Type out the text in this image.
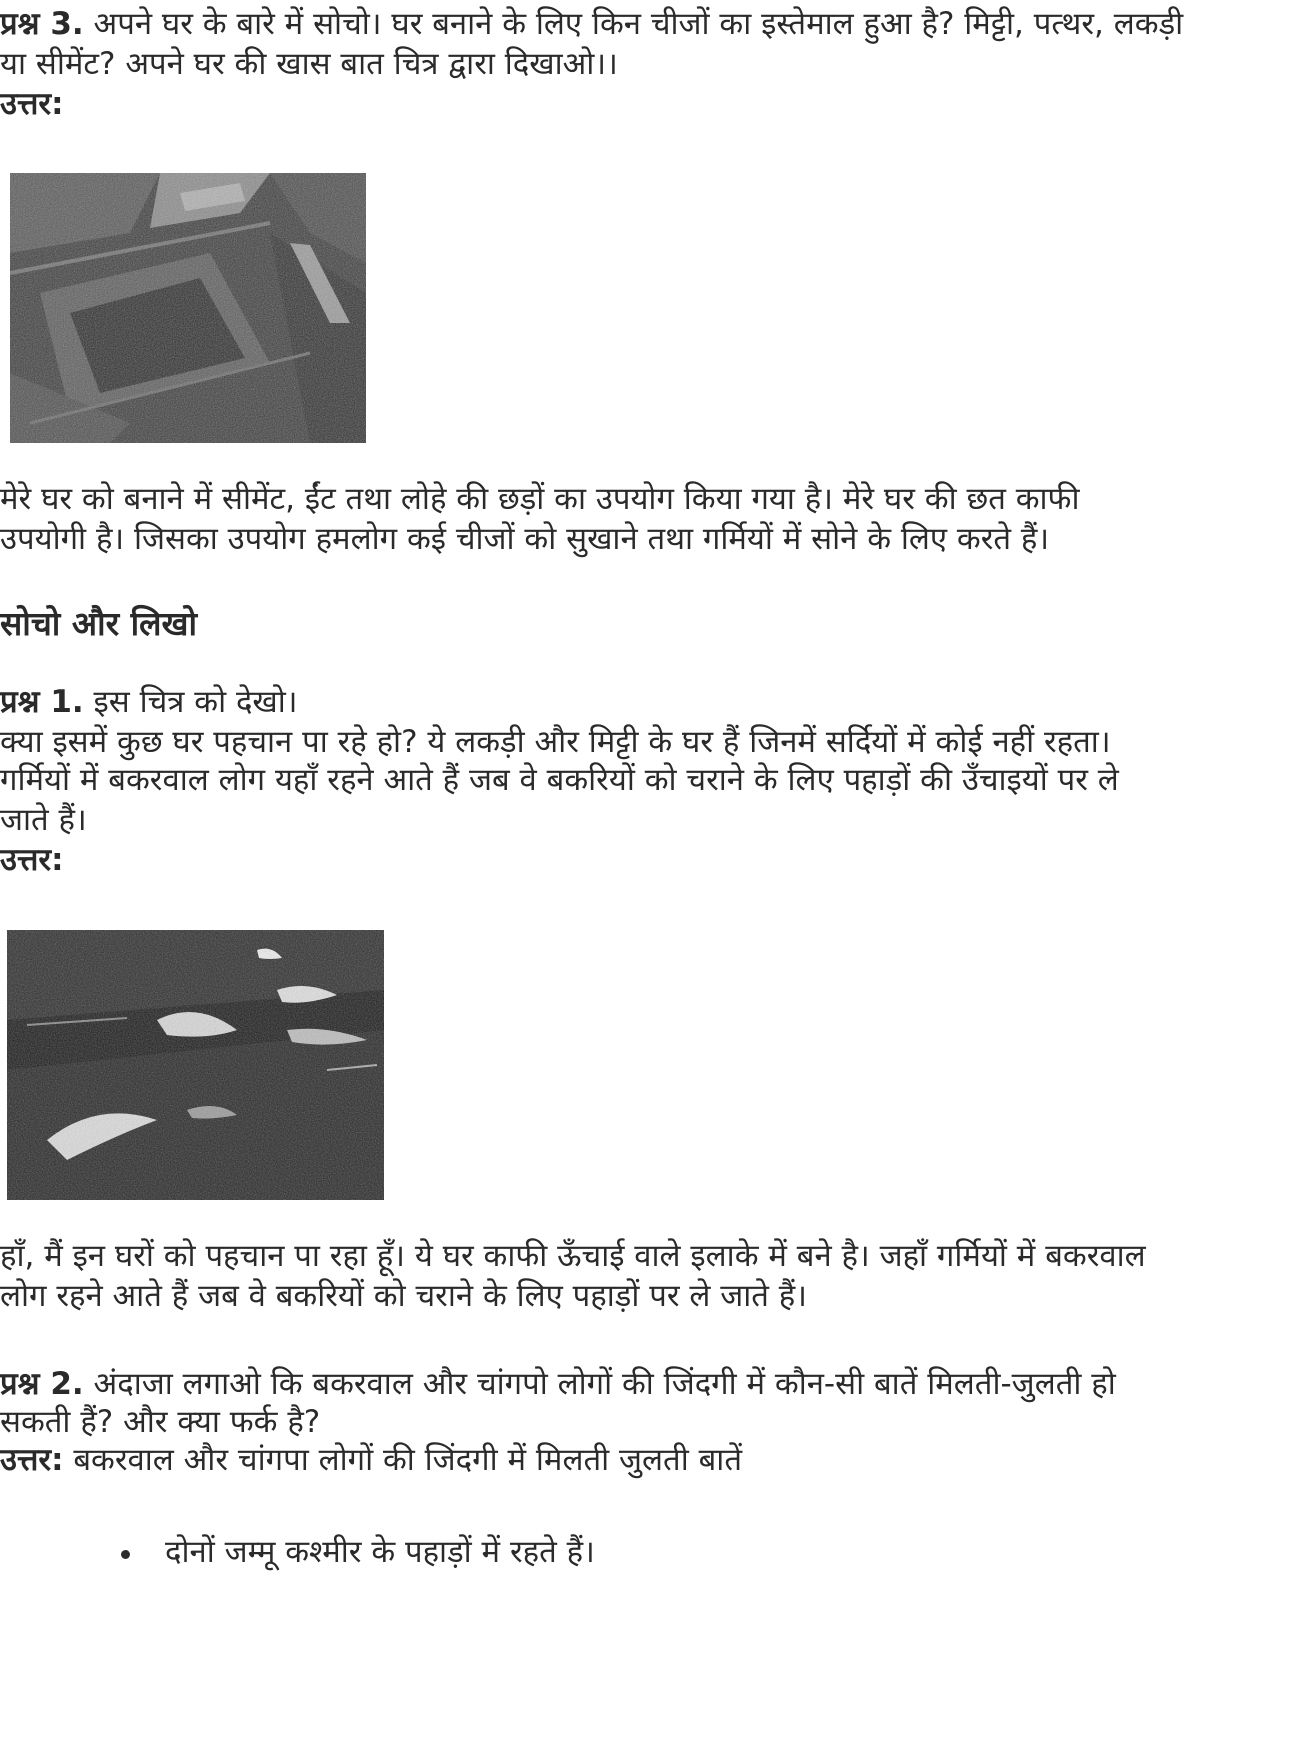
प्रश्न 3. अपने घर के बारे में सोचो। घर बनाने के लिए किन चीजों का इस्तेमाल हुआ है? मिट्टी, पत्थर, लकड़ी
या सीमेंट? अपने घर की खास बात चित्र द्वारा दिखाओ।।
उत्तर:
मेरे घर को बनाने में सीमेंट, ईंट तथा लोहे की छड़ों का उपयोग किया गया है। मेरे घर की छत काफी
उपयोगी है। जिसका उपयोग हमलोग कई चीजों को सुखाने तथा गर्मियों में सोने के लिए करते हैं।
सोचो और लिखो
प्रश्न 1. इस चित्र को देखो।
क्या इसमें कुछ घर पहचान पा रहे हो? ये लकड़ी और मिट्टी के घर हैं जिनमें सर्दियों में कोई नहीं रहता।
गर्मियों में बकरवाल लोग यहाँ रहने आते हैं जब वे बकरियों को चराने के लिए पहाड़ों की उँचाइयों पर ले
जाते हैं।
उत्तर:
हाँ, मैं इन घरों को पहचान पा रहा हूँ। ये घर काफी ऊँचाई वाले इलाके में बने है। जहाँ गर्मियों में बकरवाल
लोग रहने आते हैं जब वे बकरियों को चराने के लिए पहाड़ों पर ले जाते हैं।
प्रश्न 2. अंदाजा लगाओ कि बकरवाल और चांगपो लोगों की जिंदगी में कौन-सी बातें मिलती-जुलती हो
सकती हैं? और क्या फर्क है?
उत्तर: बकरवाल और चांगपा लोगों की जिंदगी में मिलती जुलती बातें
दोनों जम्मू कश्मीर के पहाड़ों में रहते हैं।
